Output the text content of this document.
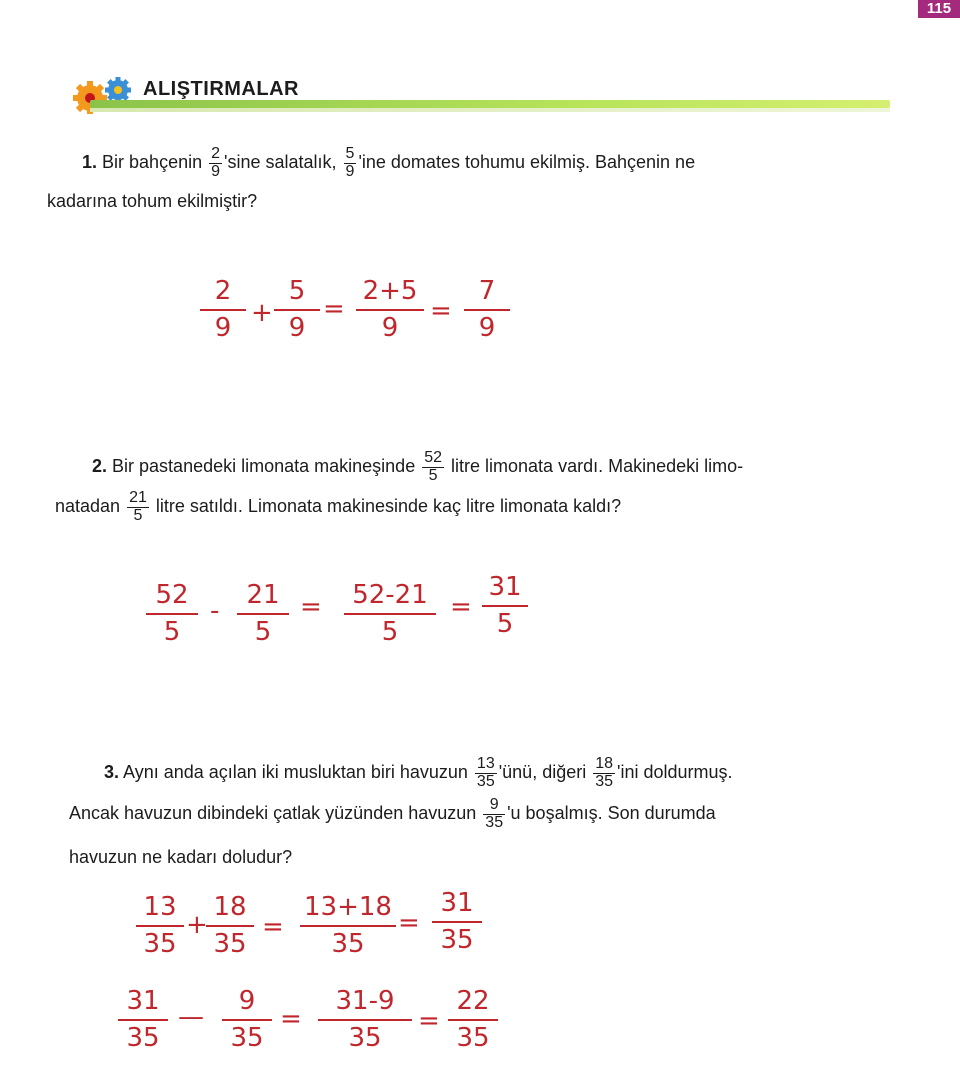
115
ALIŞTIRMALAR
1. Bir bahçenin $\frac{2}{9}$ 'sine salatalık, $\frac{5}{9}$ 'ine domates tohumu ekilmiş. Bahçenin ne
kadarına tohum ekilmiştir?
$\frac{2}{9} + \frac{5}{9} = \frac{2+5}{9} = \frac{7}{9}$
2. Bir pastanedeki limonata makineşinde $\frac{52}{5}$ litre limonata vardı. Makinedeki limo-
natadan $\frac{21}{5}$ litre satıldı. Limonata makinesinde kaç litre limonata kaldı?
$\frac{52}{5} - \frac{21}{5} = \frac{52-21}{5} = \frac{31}{5}$
3. Aynı anda açılan iki musluktan biri havuzun $\frac{13}{35}$ 'ünü, diğeri $\frac{18}{35}$ 'ini doldurmuş.
Ancak havuzun dibindeki çatlak yüzünden havuzun $\frac{9}{35}$ 'u boşalmış. Son durumda
havuzun ne kadarı doludur?
$\frac{13}{35}$ +
$\frac{18}{35} = \frac{13+18}{35} = \frac{31}{35}$
$\frac{31}{35}$ — $\frac{9}{35} = \frac{31-9}{35} = \frac{22}{35}$
